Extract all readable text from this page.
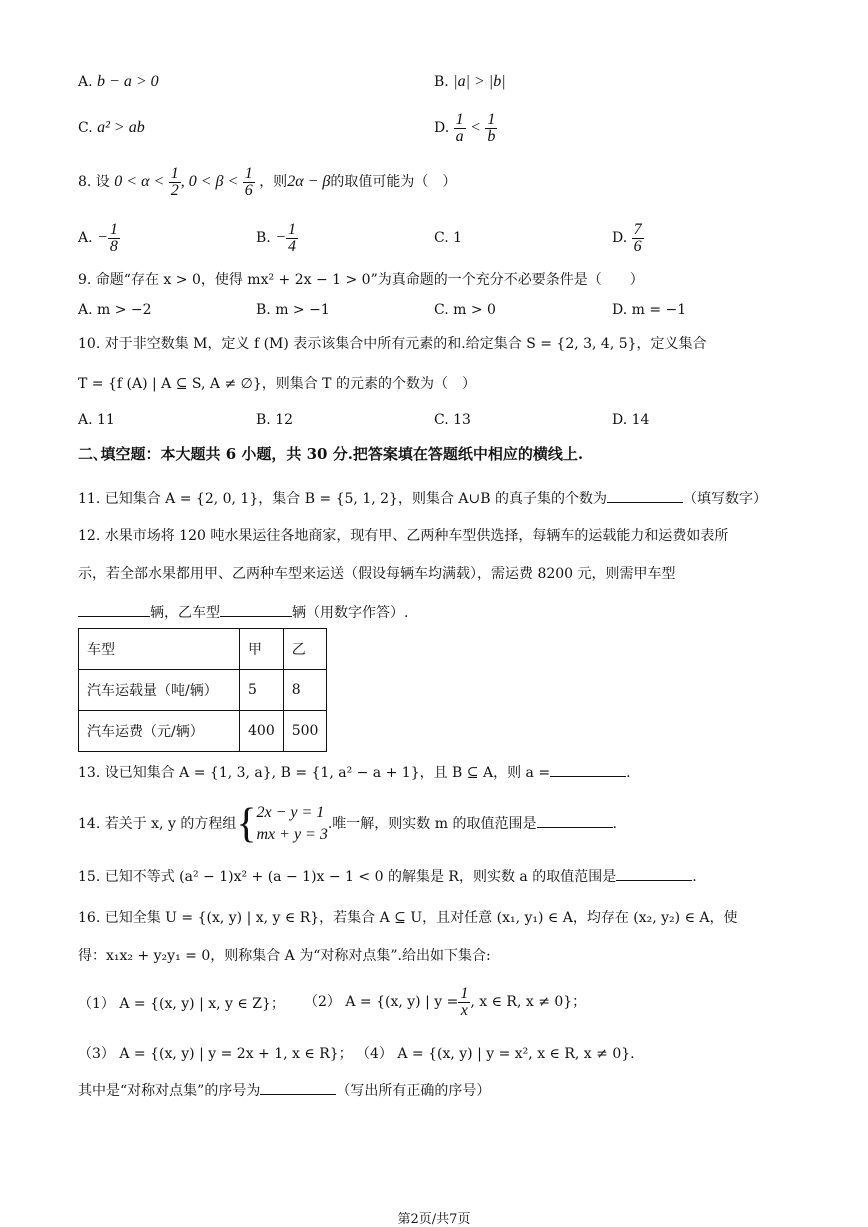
A. b − a > 0	B. |a| > |b|
C. a² > ab	D. $\frac{1}{a} < \frac{1}{b}$
8. 设 $0 < \alpha < \frac{1}{2}$ , $0 < \beta < \frac{1}{6}$ ，则2α − β的取值可能为（　）
A. − $\frac{1}{8}$	B. − $\frac{1}{4}$	C. 1	D. $\frac{7}{6}$
9. 命题“存在 x > 0，使得 mx² + 2x − 1 > 0”为真命题的一个充分不必要条件是（　　）
A. m > −2	B. m > −1	C. m > 0	D. m = −1
10. 对于非空数集 M，定义 f (M) 表示该集合中所有元素的和.给定集合 S = {2, 3, 4, 5}，定义集合
T = {f (A) | A ⊆ S, A ≠ ∅}，则集合 T 的元素的个数为（　）
A. 11	B. 12	C. 13	D. 14
二､填空题：本大题共 6 小题，共 30 分.把答案填在答题纸中相应的横线上.
11. 已知集合 A = {2, 0, 1}，集合 B = {5, 1, 2}，则集合 A∪B 的真子集的个数为	（填写数字）
12. 水果市场将 120 吨水果运往各地商家，现有甲、乙两种车型供选择，每辆车的运载能力和运费如表所
示，若全部水果都用甲、乙两种车型来运送（假设每辆车均满载），需运费 8200 元，则需甲车型
辆，乙车型	辆（用数字作答）.
车型	甲	乙
汽车运载量（吨/辆）	5	8
汽车运费（元/辆）	400	500
13. 设已知集合 A = {1, 3, a}, B = {1, a² − a + 1}，且 B ⊆ A，则 a =	.
14. 若关于 x, y 的方程组{ 2x − y = 1
mx + y = 3
.唯一解，则实数 m 的取值范围是	.
15. 已知不等式 (a² − 1)x² + (a − 1)x − 1 < 0 的解集是 R，则实数 a 的取值范围是	.
16. 已知全集 U = {(x, y) | x, y ∈ R}，若集合 A ⊆ U，且对任意 (x₁, y₁) ∈ A，均存在 (x₂, y₂) ∈ A，使
得：x₁x₂ + y₂y₁ = 0，则称集合 A 为“对称对点集”.给出如下集合:
（1） A = {(x, y) | x, y ∈ Z}； （2） A = {(x, y) | $y = \frac{1}{x}$ , x ∈ R, x ≠ 0}；
（3） A = {(x, y) | y = 2x + 1, x ∈ R}； （4） A = {(x, y) | y = x², x ∈ R, x ≠ 0}.
其中是“对称对点集”的序号为	（写出所有正确的序号）
第2页/共7页
